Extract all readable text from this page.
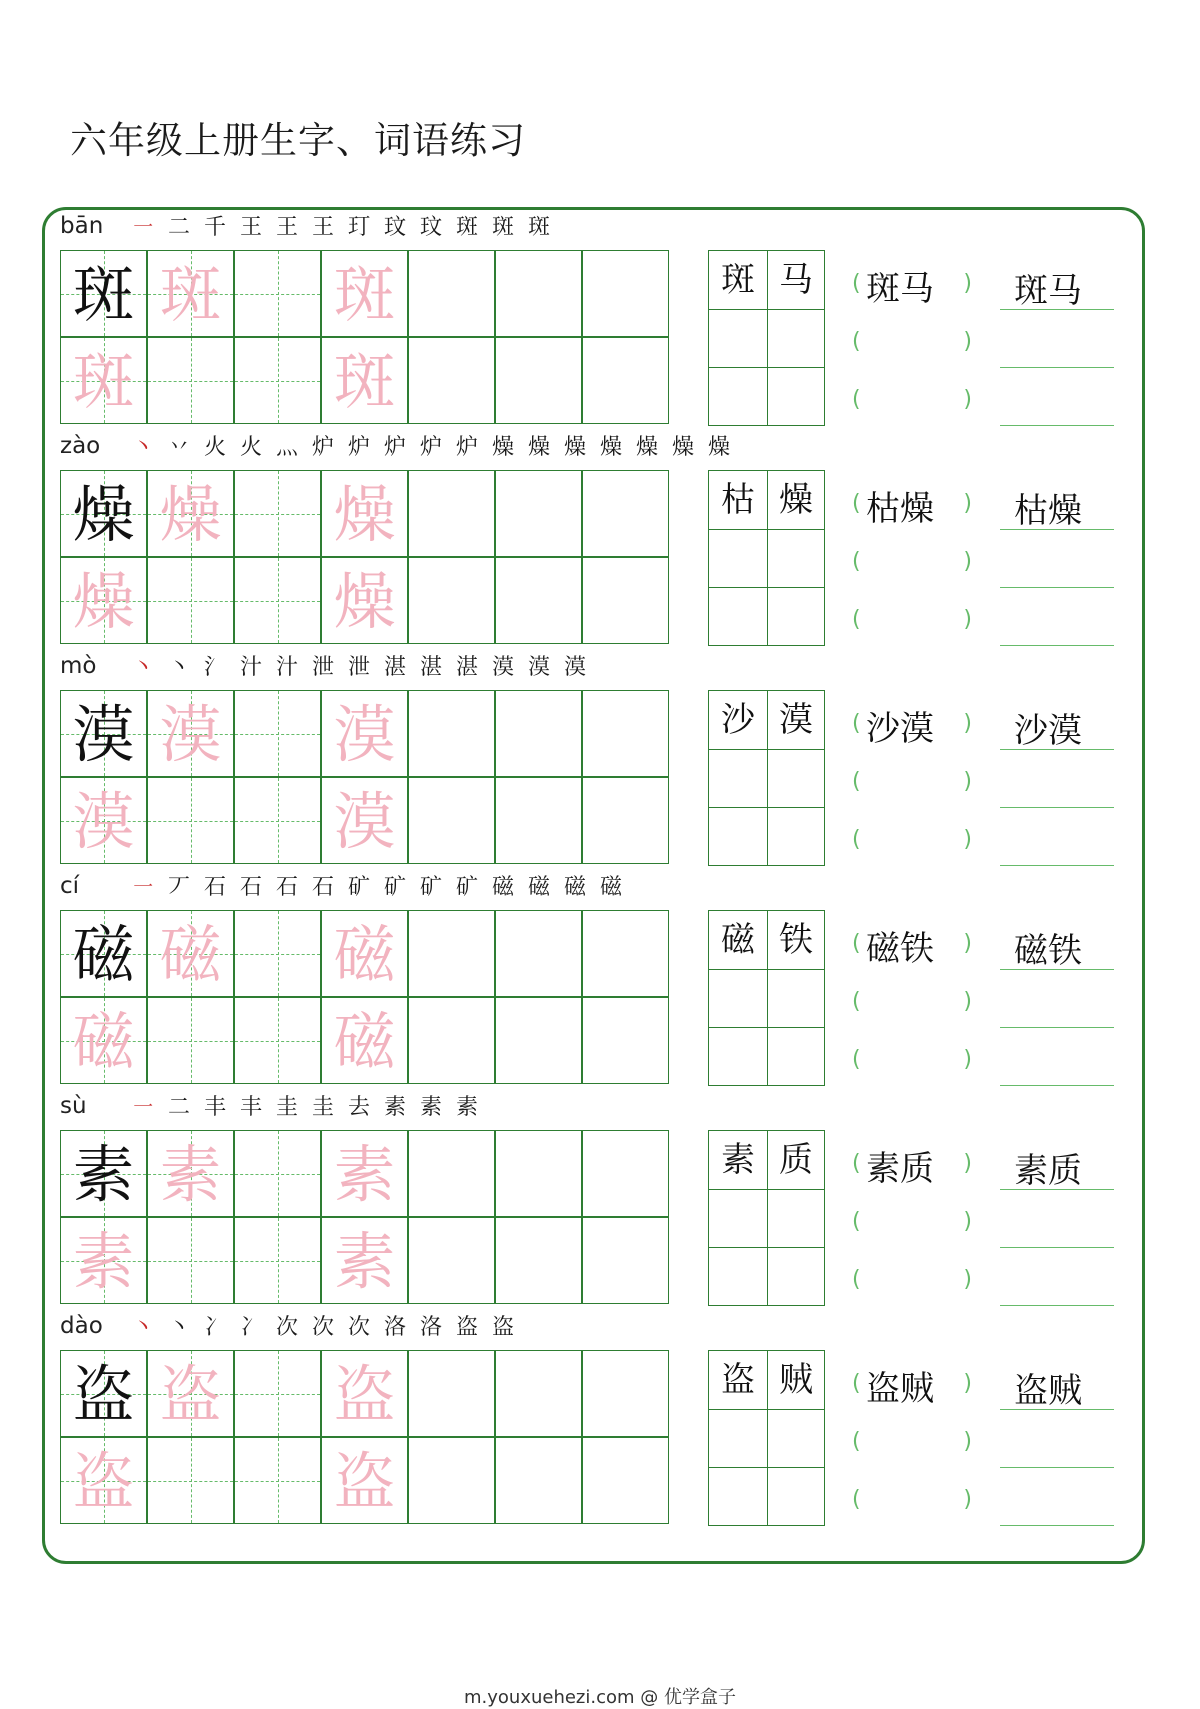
六年级上册生字、词语练习
bān	㇐ 二 千 王 王 王 玎 玟 玟 斑 斑 斑
斑 斑 斑
斑	斑
斑 马	(	)
斑马
(	)
(	)
斑马
zào	丶 丷 火 火 灬 炉 炉 炉 炉 炉 燥 燥 燥 燥 燥 燥 燥
燥 燥 燥
燥	燥
枯 燥	(	)
枯燥
(	)
(	)
枯燥
mò	丶 丶 氵 汁 汁 泄 泄 湛 湛 湛 漠 漠 漠
漠 漠 漠
漠	漠
沙 漠	(	)
沙漠
(	)
(	)
沙漠
cí	㇐ 丆 石 石 石 石 矿 矿 矿 矿 磁 磁 磁 磁
磁 磁 磁
磁	磁
磁 铁	(	)
磁铁
(	)
(	)
磁铁
sù	㇐ 二 丰 丰 圭 圭 去 素 素 素
素 素 素
素	素
素 质	(	)
素质
(	)
(	)
素质
dào	丶 丶 冫 冫 次 次 次 洛 洛 盗 盗
盗 盗 盗
盗	盗
盗 贼	(	)
盗贼
(	)
(	)
盗贼
m.youxuehezi.com @ 优学盒子
